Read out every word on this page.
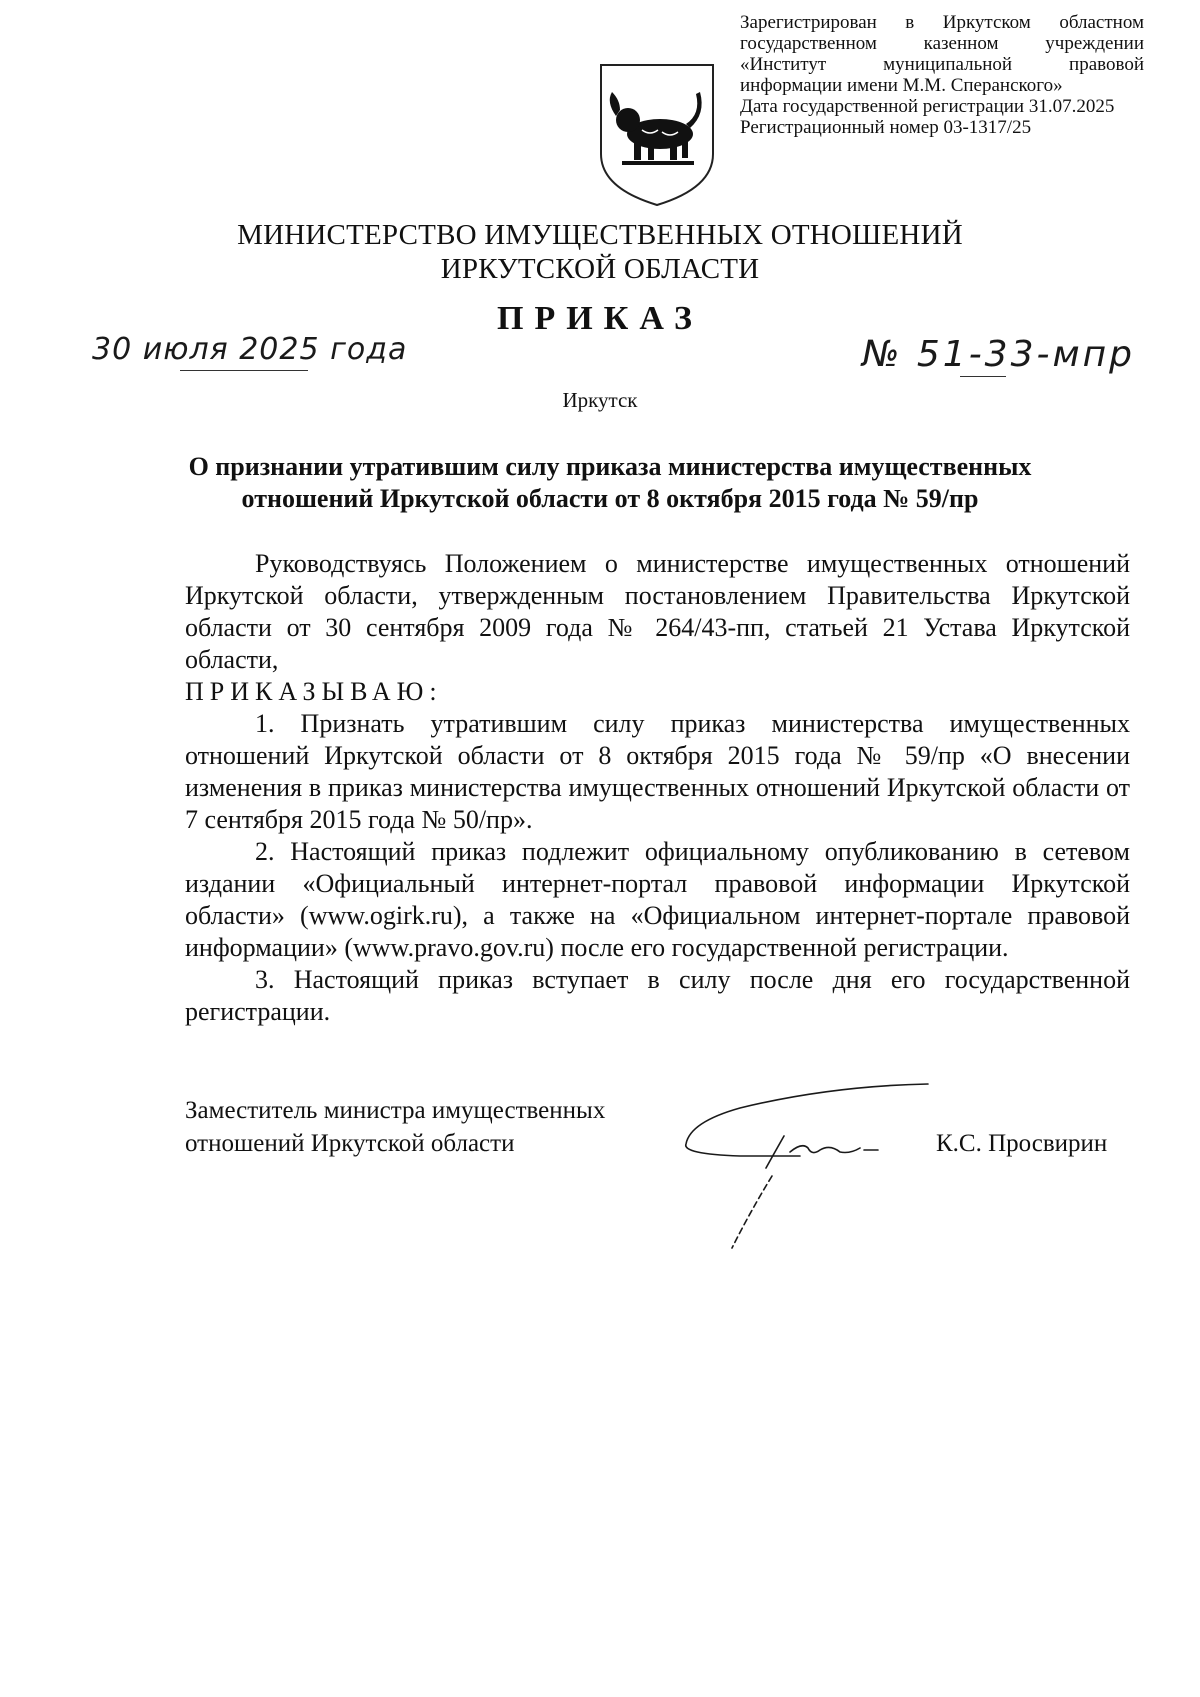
Зарегистрирован в Иркутском областном
государственном казенном учреждении
«Институт муниципальной правовой
информации имени М.М. Сперанского»
Дата государственной регистрации 31.07.2025
Регистрационный номер 03-1317/25
МИНИСТЕРСТВО ИМУЩЕСТВЕННЫХ ОТНОШЕНИЙ
ИРКУТСКОЙ ОБЛАСТИ
ПРИКАЗ
30 июля 2025 года	№ 51-33-мпр
Иркутск
О признании утратившим силу приказа министерства имущественных
отношений Иркутской области от 8 октября 2015 года № 59/пр

Руководствуясь Положением о министерстве имущественных отношений Иркутской области, утвержденным постановлением Правительства Иркутской области от 30 сентября 2009 года № 264/43-пп, статьей 21 Устава Иркутской области,

ПРИКАЗЫВАЮ:

1. Признать утратившим силу приказ министерства имущественных отношений Иркутской области от 8 октября 2015 года № 59/пр «О внесении изменения в приказ министерства имущественных отношений Иркутской области от 7 сентября 2015 года № 50/пр».

2. Настоящий приказ подлежит официальному опубликованию в сетевом издании «Официальный интернет-портал правовой информации Иркутской области» (www.ogirk.ru), а также на «Официальном интернет-портале правовой информации» (www.pravo.gov.ru) после его государственной регистрации.

3. Настоящий приказ вступает в силу после дня его государственной регистрации.

Заместитель министра имущественных
отношений Иркутской области	К.С. Просвирин
